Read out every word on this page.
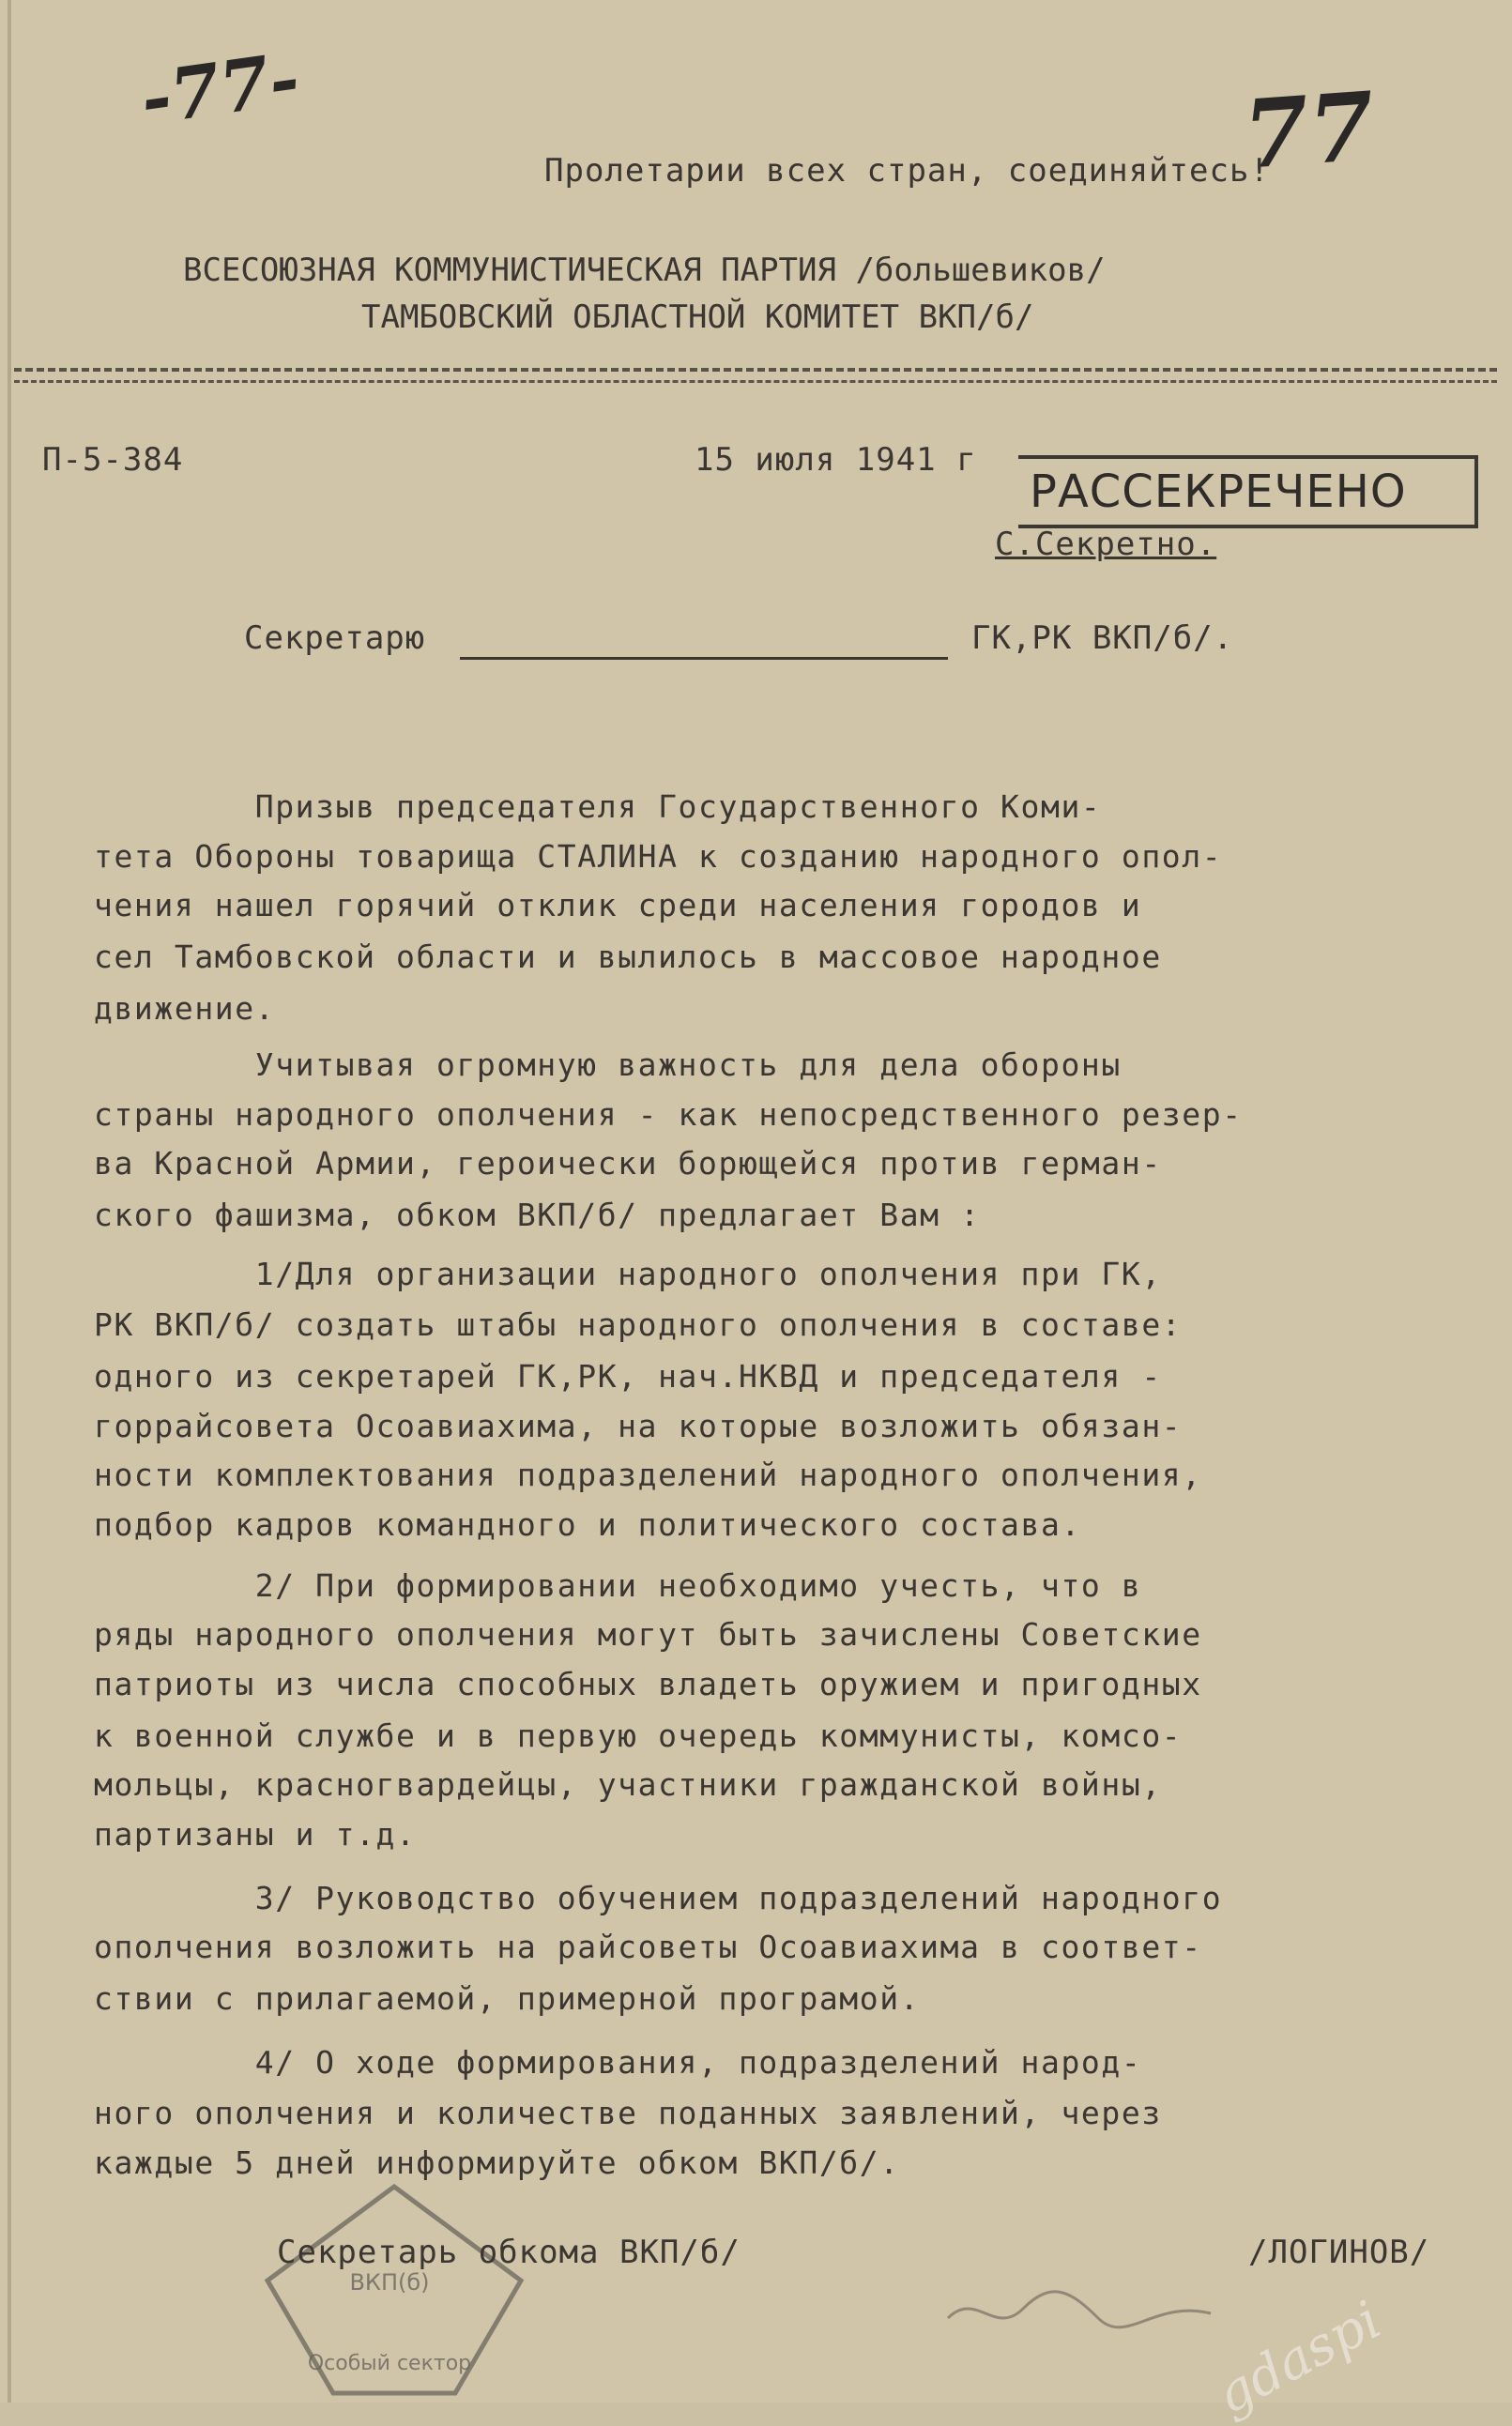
-77-	77
Пролетарии всех стран, соединяйтесь!
ВСЕСОЮЗНАЯ КОММУНИСТИЧЕСКАЯ ПАРТИЯ /большевиков/
ТАМБОВСКИЙ ОБЛАСТНОЙ КОМИТЕТ ВКП/б/
П-5-384	15 июля 1941 г
РАССЕКРЕЧЕНО
С.Секретно.
Секретарю	ГК,РК ВКП/б/.
Призыв председателя Государственного Коми-
тета Обороны товарища СТАЛИНА к созданию народного опол-
чения нашел горячий отклик среди населения городов и
сел Тамбовской области и вылилось в массовое народное
движение.
Учитывая огромную важность для дела обороны
страны народного ополчения - как непосредственного резер-
ва Красной Армии, героически борющейся против герман-
ского фашизма, обком ВКП/б/ предлагает Вам :
1/Для организации народного ополчения при ГК,
РК ВКП/б/ создать штабы народного ополчения в составе:
одного из секретарей ГК,РК, нач.НКВД и председателя -
горрайсовета Осоавиахима, на которые возложить обязан-
ности комплектования подразделений народного ополчения,
подбор кадров командного и политического состава.
2/ При формировании необходимо учесть, что в
ряды народного ополчения могут быть зачислены Советские
патриоты из числа способных владеть оружием и пригодных
к военной службе и в первую очередь коммунисты, комсо-
мольцы, красногвардейцы, участники гражданской войны,
партизаны и т.д.
3/ Руководство обучением подразделений народного
ополчения возложить на райсоветы Осоавиахима в соответ-
ствии с прилагаемой, примерной програмой.
4/ О ходе формирования, подразделений народ-
ного ополчения и количестве поданных заявлений, через
каждые 5 дней информируйте обком ВКП/б/.
ВКП(б)
Особый сектор
Секретарь обкома ВКП/б/	/ЛОГИНОВ/
gdaspi
